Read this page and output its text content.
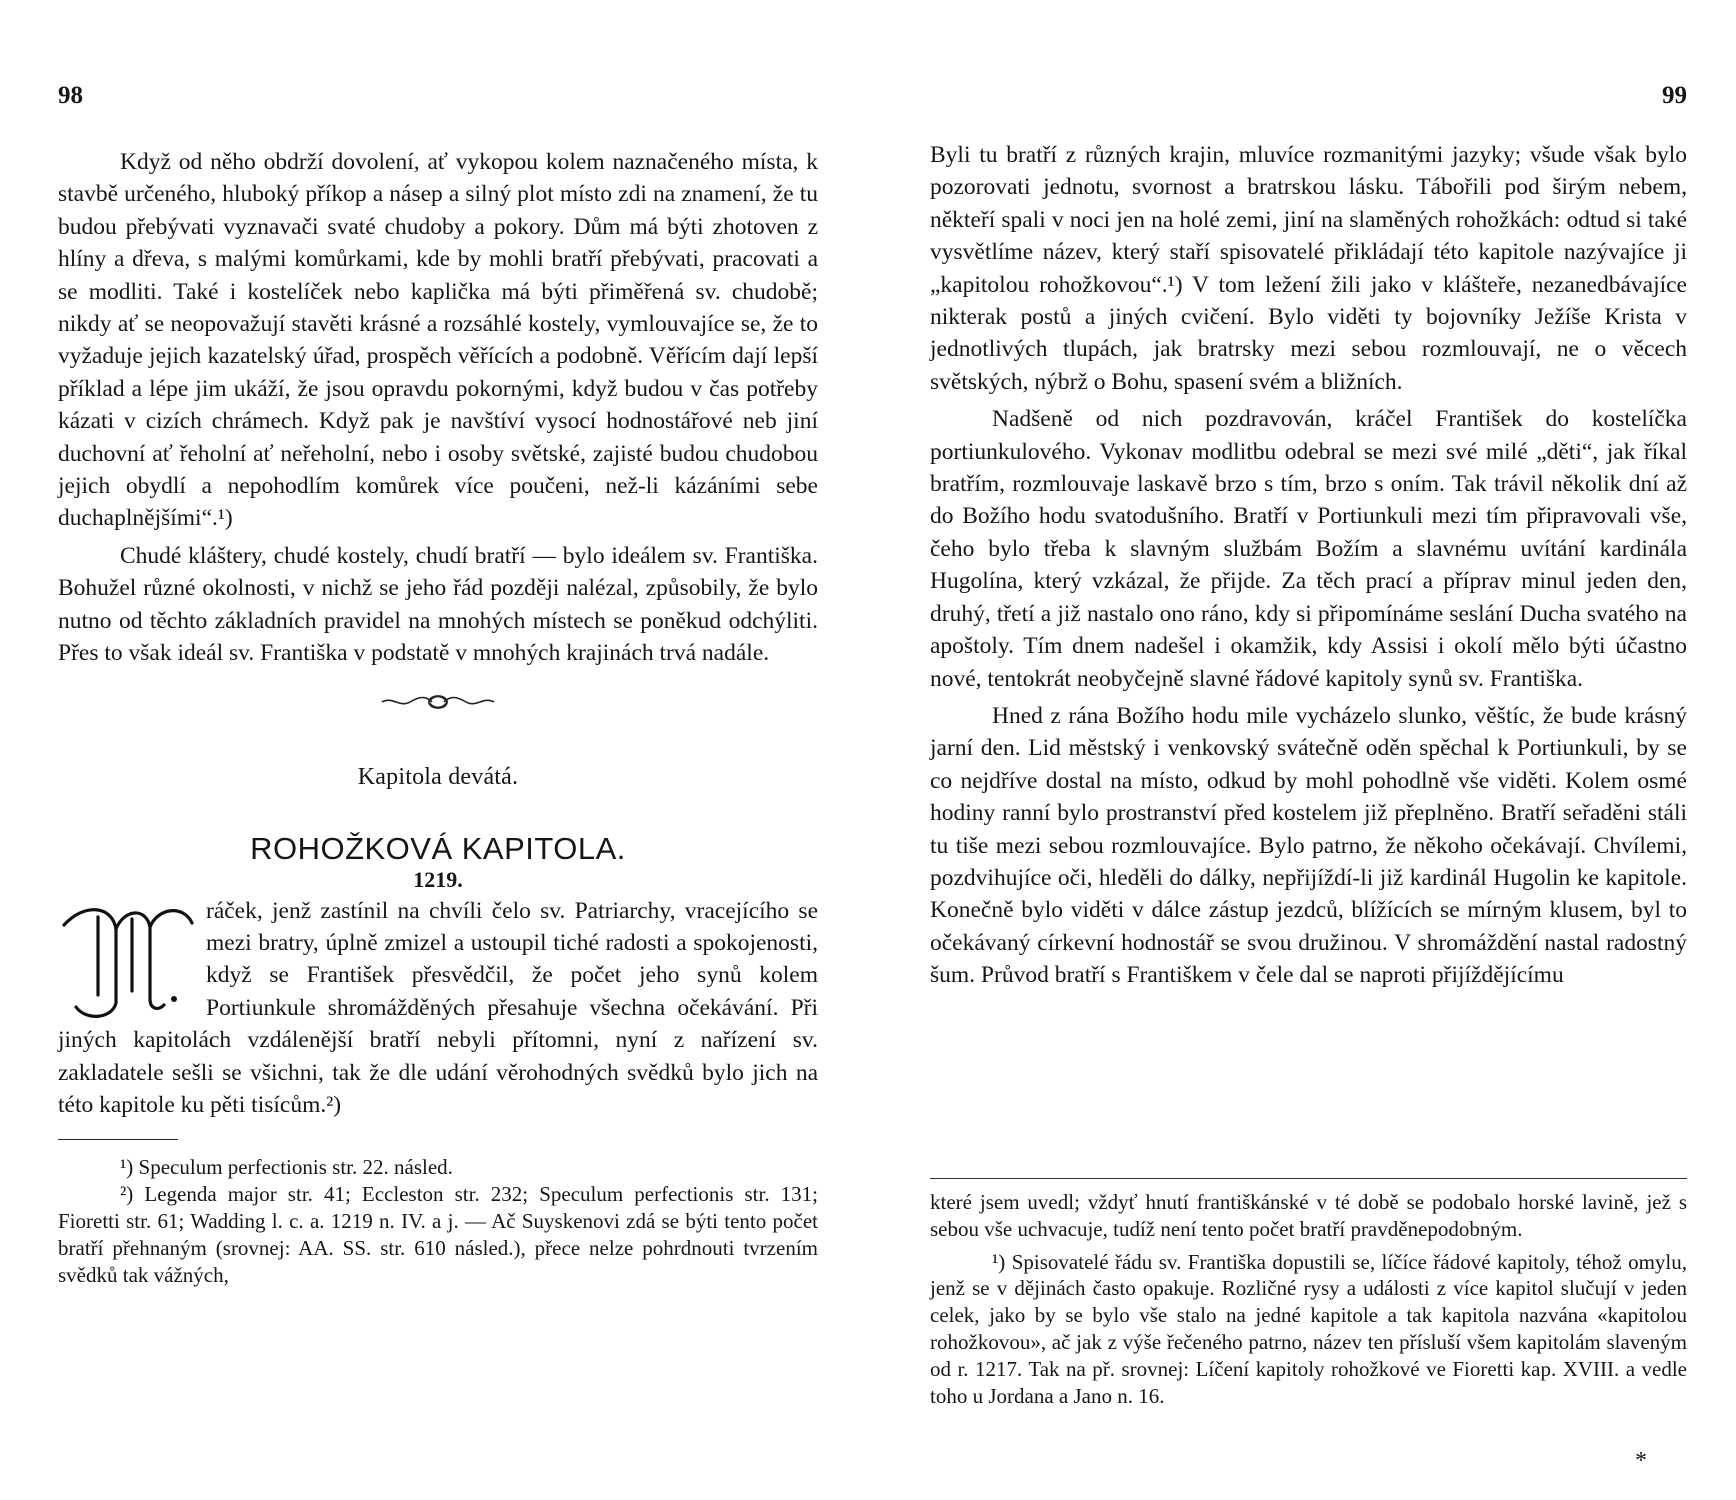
98

Když od něho obdrží dovolení, ať vykopou kolem naznačeného místa, k stavbě určeného, hluboký příkop a násep a silný plot místo zdi na znamení, že tu budou přebývati vyznavači svaté chudoby a pokory. Dům má býti zhotoven z hlíny a dřeva, s malými komůrkami, kde by mohli bratří přebývati, pracovati a se modliti. Také i kostelíček nebo kaplička má býti přiměřená sv. chudobě; nikdy ať se neopovažují stavěti krásné a rozsáhlé kostely, vymlouvajíce se, že to vyžaduje jejich kazatelský úřad, prospěch věřících a podobně. Věřícím dají lepší příklad a lépe jim ukáží, že jsou opravdu pokornými, když budou v čas potřeby kázati v cizích chrámech. Když pak je navštíví vysocí hodnostářové neb jiní duchovní ať řeholní ať neřeholní, nebo i osoby světské, zajisté budou chudobou jejich obydlí a nepohodlím komůrek více poučeni, než-li kázáními sebe duchaplnějšími“.¹)

Chudé kláštery, chudé kostely, chudí bratří — bylo ideálem sv. Františka. Bohužel různé okolnosti, v nichž se jeho řád později nalézal, způsobily, že bylo nutno od těchto základních pravidel na mnohých místech se poněkud odchýliti. Přes to však ideál sv. Františka v podstatě v mnohých krajinách trvá nadále.

Kapitola devátá.
ROHOŽKOVÁ KAPITOLA.
1219.

ráček, jenž zastínil na chvíli čelo sv. Patriarchy, vracejícího se mezi bratry, úplně zmizel a ustoupil tiché radosti a spokojenosti, když se František přesvědčil, že počet jeho synů kolem Portiunkule shromážděných přesahuje všechna očekávání. Při jiných kapitolách vzdálenější bratří nebyli přítomni, nyní z nařízení sv. zakladatele sešli se všichni, tak že dle udání věrohodných svědků bylo jich na této kapitole ku pěti tisícům.²)

¹) Speculum perfectionis str. 22. násled.

²) Legenda major str. 41; Eccleston str. 232; Speculum perfectionis str. 131; Fioretti str. 61; Wadding l. c. a. 1219 n. IV. a j. — Ač Suyskenovi zdá se býti tento počet bratří přehnaným (srovnej: AA. SS. str. 610 násled.), přece nelze pohrdnouti tvrzením svědků tak vážných,

99

Byli tu bratří z různých krajin, mluvíce rozmanitými jazyky; všude však bylo pozorovati jednotu, svornost a bratrskou lásku. Tábořili pod širým nebem, někteří spali v noci jen na holé zemi, jiní na slaměných rohožkách: odtud si také vysvětlíme název, který staří spisovatelé přikládají této kapitole nazývajíce ji „kapitolou rohožkovou“.¹) V tom ležení žili jako v klášteře, nezanedbávajíce nikterak postů a jiných cvičení. Bylo viděti ty bojovníky Ježíše Krista v jednotlivých tlupách, jak bratrsky mezi sebou rozmlouvají, ne o věcech světských, nýbrž o Bohu, spasení svém a bližních.

Nadšeně od nich pozdravován, kráčel František do kostelíčka portiunkulového. Vykonav modlitbu odebral se mezi své milé „děti“, jak říkal bratřím, rozmlouvaje laskavě brzo s tím, brzo s oním. Tak trávil několik dní až do Božího hodu svatodušního. Bratří v Portiunkuli mezi tím připravovali vše, čeho bylo třeba k slavným službám Božím a slavnému uvítání kardinála Hugolína, který vzkázal, že přijde. Za těch prací a příprav minul jeden den, druhý, třetí a již nastalo ono ráno, kdy si připomínáme seslání Ducha svatého na apoštoly. Tím dnem nadešel i okamžik, kdy Assisi i okolí mělo býti účastno nové, tentokrát neobyčejně slavné řádové kapitoly synů sv. Františka.

Hned z rána Božího hodu mile vycházelo slunko, věštíc, že bude krásný jarní den. Lid městský i venkovský svátečně oděn spěchal k Portiunkuli, by se co nejdříve dostal na místo, odkud by mohl pohodlně vše viděti. Kolem osmé hodiny ranní bylo prostranství před kostelem již přeplněno. Bratří seřaděni stáli tu tiše mezi sebou rozmlouvajíce. Bylo patrno, že někoho očekávají. Chvílemi, pozdvihujíce oči, hleděli do dálky, nepřijíždí-li již kardinál Hugolin ke kapitole. Konečně bylo viděti v dálce zástup jezdců, blížících se mírným klusem, byl to očekávaný církevní hodnostář se svou družinou. V shromáždění nastal radostný šum. Průvod bratří s Františkem v čele dal se naproti přijíždějícímu

které jsem uvedl; vždyť hnutí františkánské v té době se podobalo horské lavině, jež s sebou vše uchvacuje, tudíž není tento počet bratří pravděnepodobným.

¹) Spisovatelé řádu sv. Františka dopustili se, líčíce řádové kapitoly, téhož omylu, jenž se v dějinách často opakuje. Rozličné rysy a události z více kapitol slučují v jeden celek, jako by se bylo vše stalo na jedné kapitole a tak kapitola nazvána «kapitolou rohožkovou», ač jak z výše řečeného patrno, název ten přísluší všem kapitolám slaveným od r. 1217. Tak na př. srovnej: Líčení kapitoly rohožkové ve Fioretti kap. XVIII. a vedle toho u Jordana a Jano n. 16.

*
